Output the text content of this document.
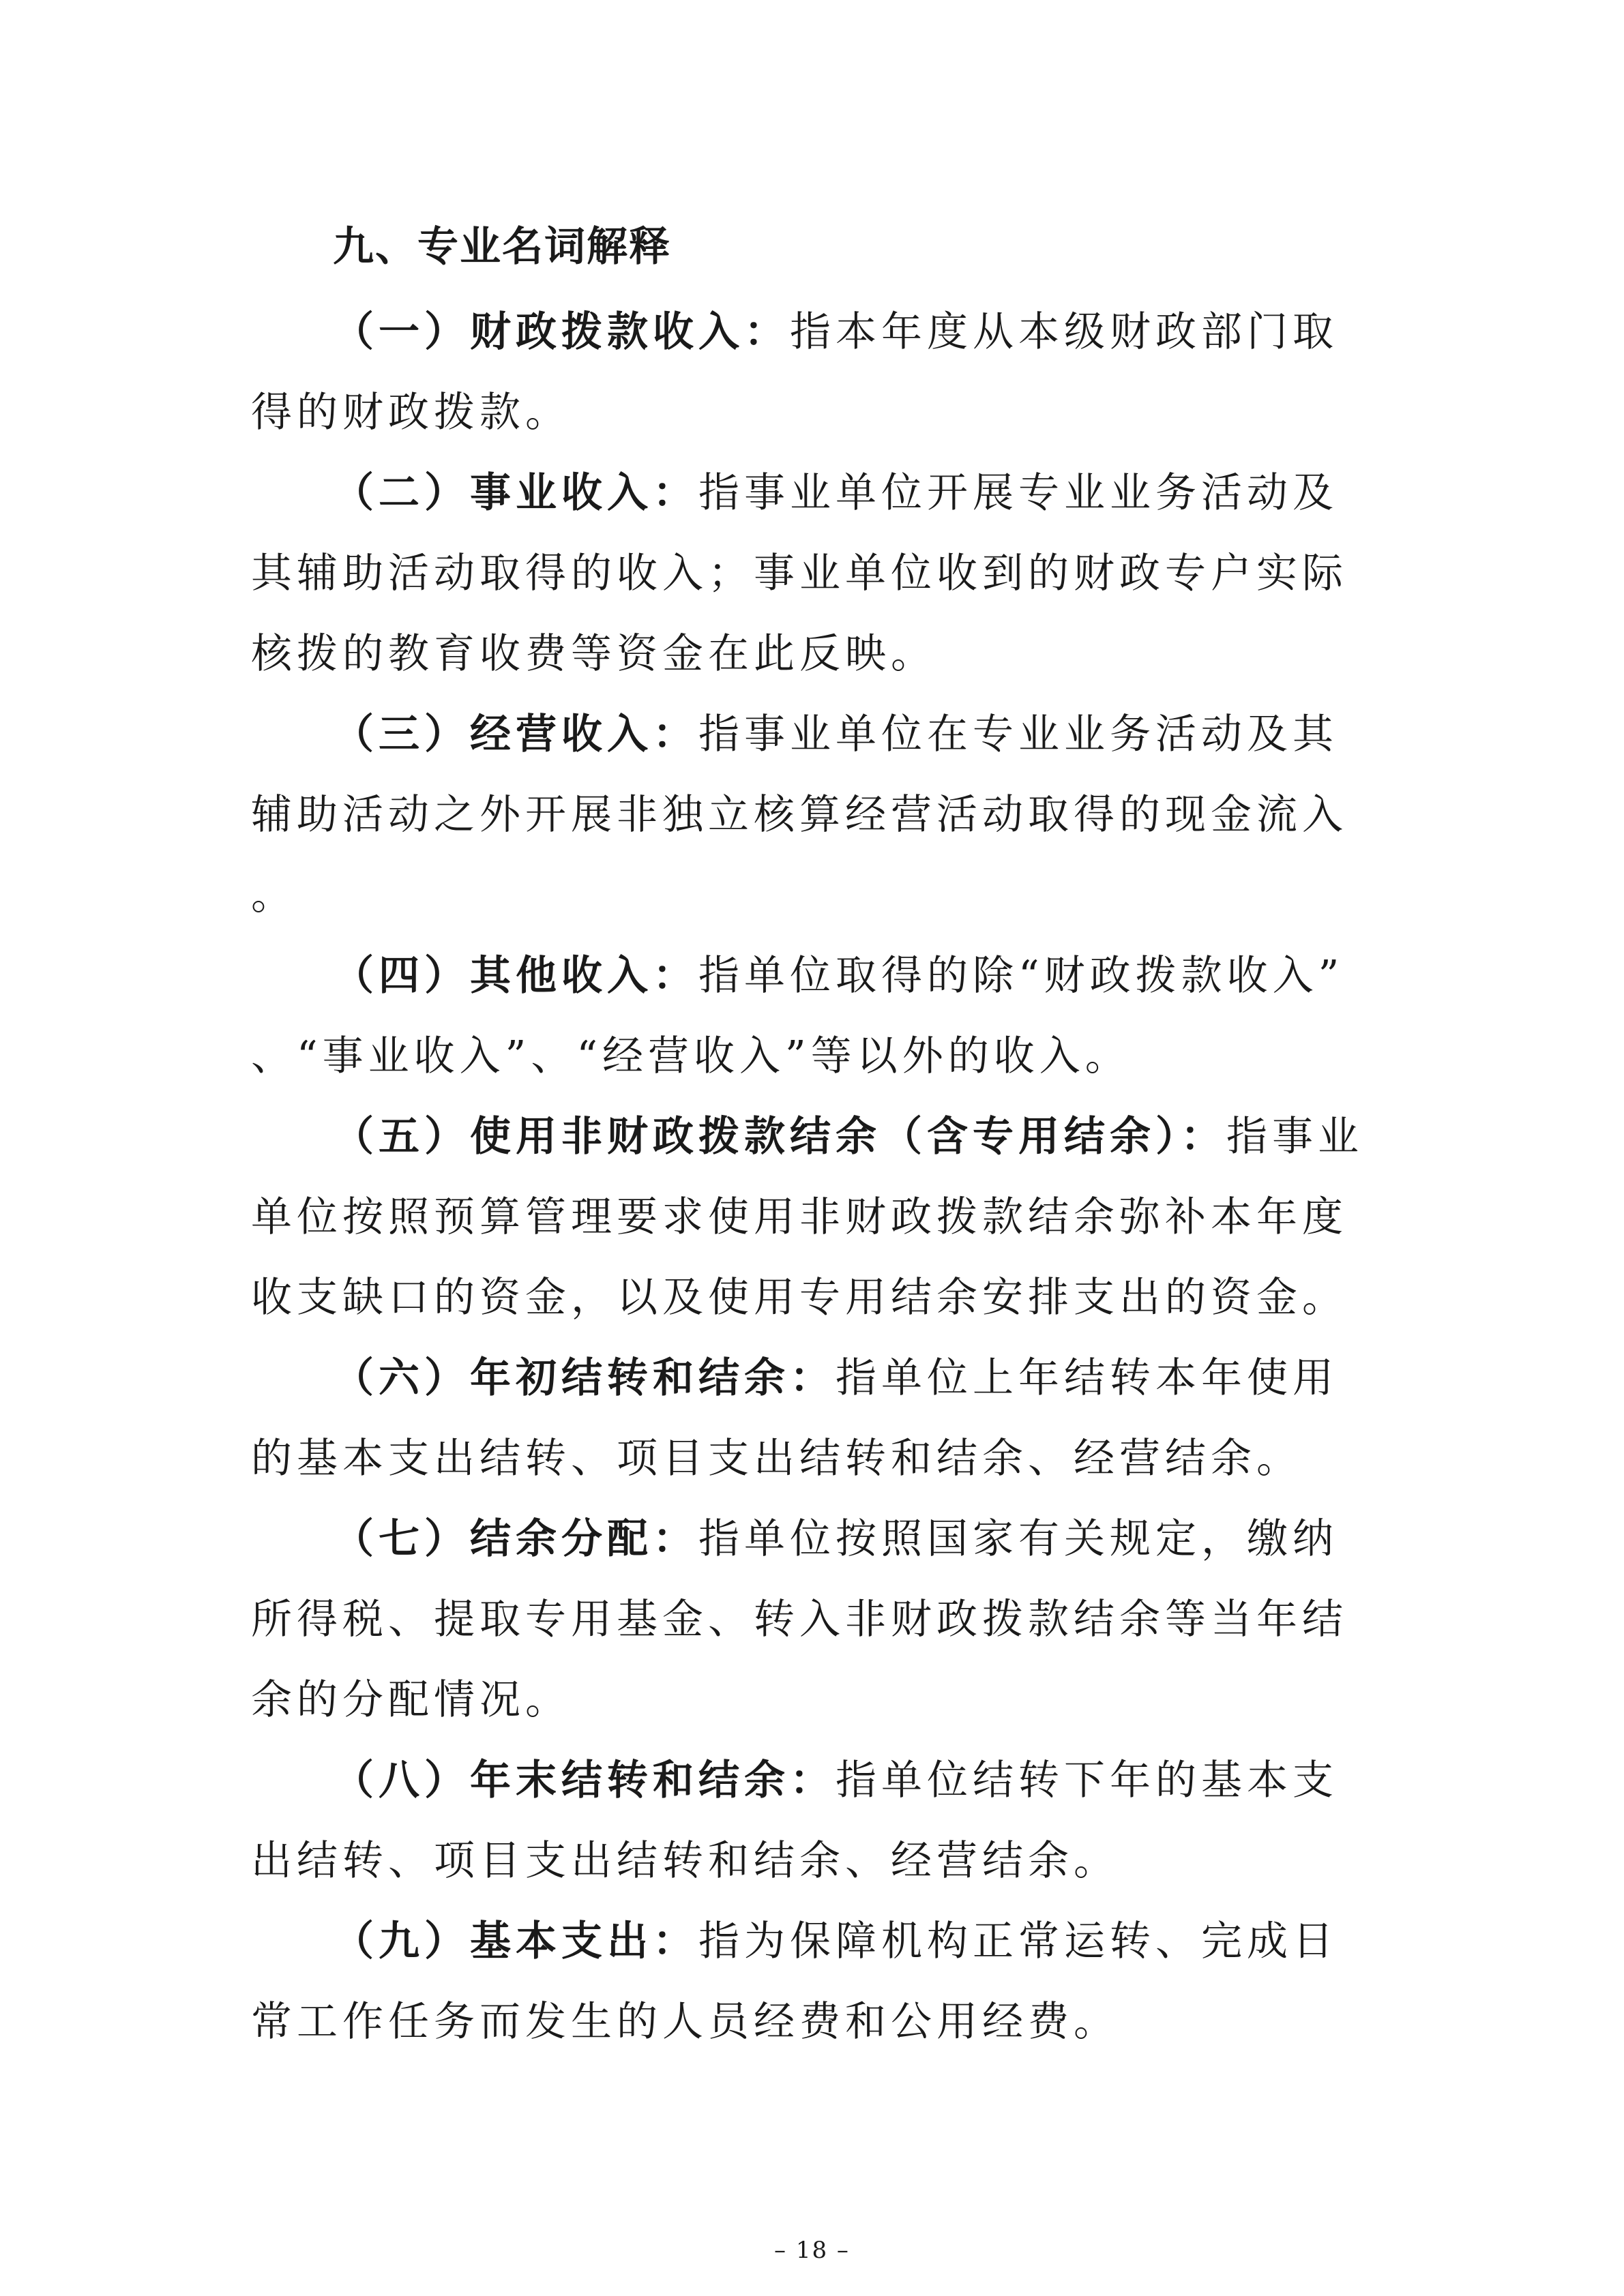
九、专业名词解释

（一）财政拨款收入：指本年度从本级财政部门取得的财政拨款。

（二）事业收入：指事业单位开展专业业务活动及其辅助活动取得的收入；事业单位收到的财政专户实际核拨的教育收费等资金在此反映。

（三）经营收入：指事业单位在专业业务活动及其辅助活动之外开展非独立核算经营活动取得的现金流入。

（四）其他收入：指单位取得的除“财政拨款收入”、“事业收入”、“经营收入”等以外的收入。

（五）使用非财政拨款结余（含专用结余）：指事业单位按照预算管理要求使用非财政拨款结余弥补本年度收支缺口的资金，以及使用专用结余安排支出的资金。

（六）年初结转和结余：指单位上年结转本年使用的基本支出结转、项目支出结转和结余、经营结余。

（七）结余分配：指单位按照国家有关规定，缴纳所得税、提取专用基金、转入非财政拨款结余等当年结余的分配情况。

（八）年末结转和结余：指单位结转下年的基本支出结转、项目支出结转和结余、经营结余。

（九）基本支出：指为保障机构正常运转、完成日常工作任务而发生的人员经费和公用经费。

– 18 –
